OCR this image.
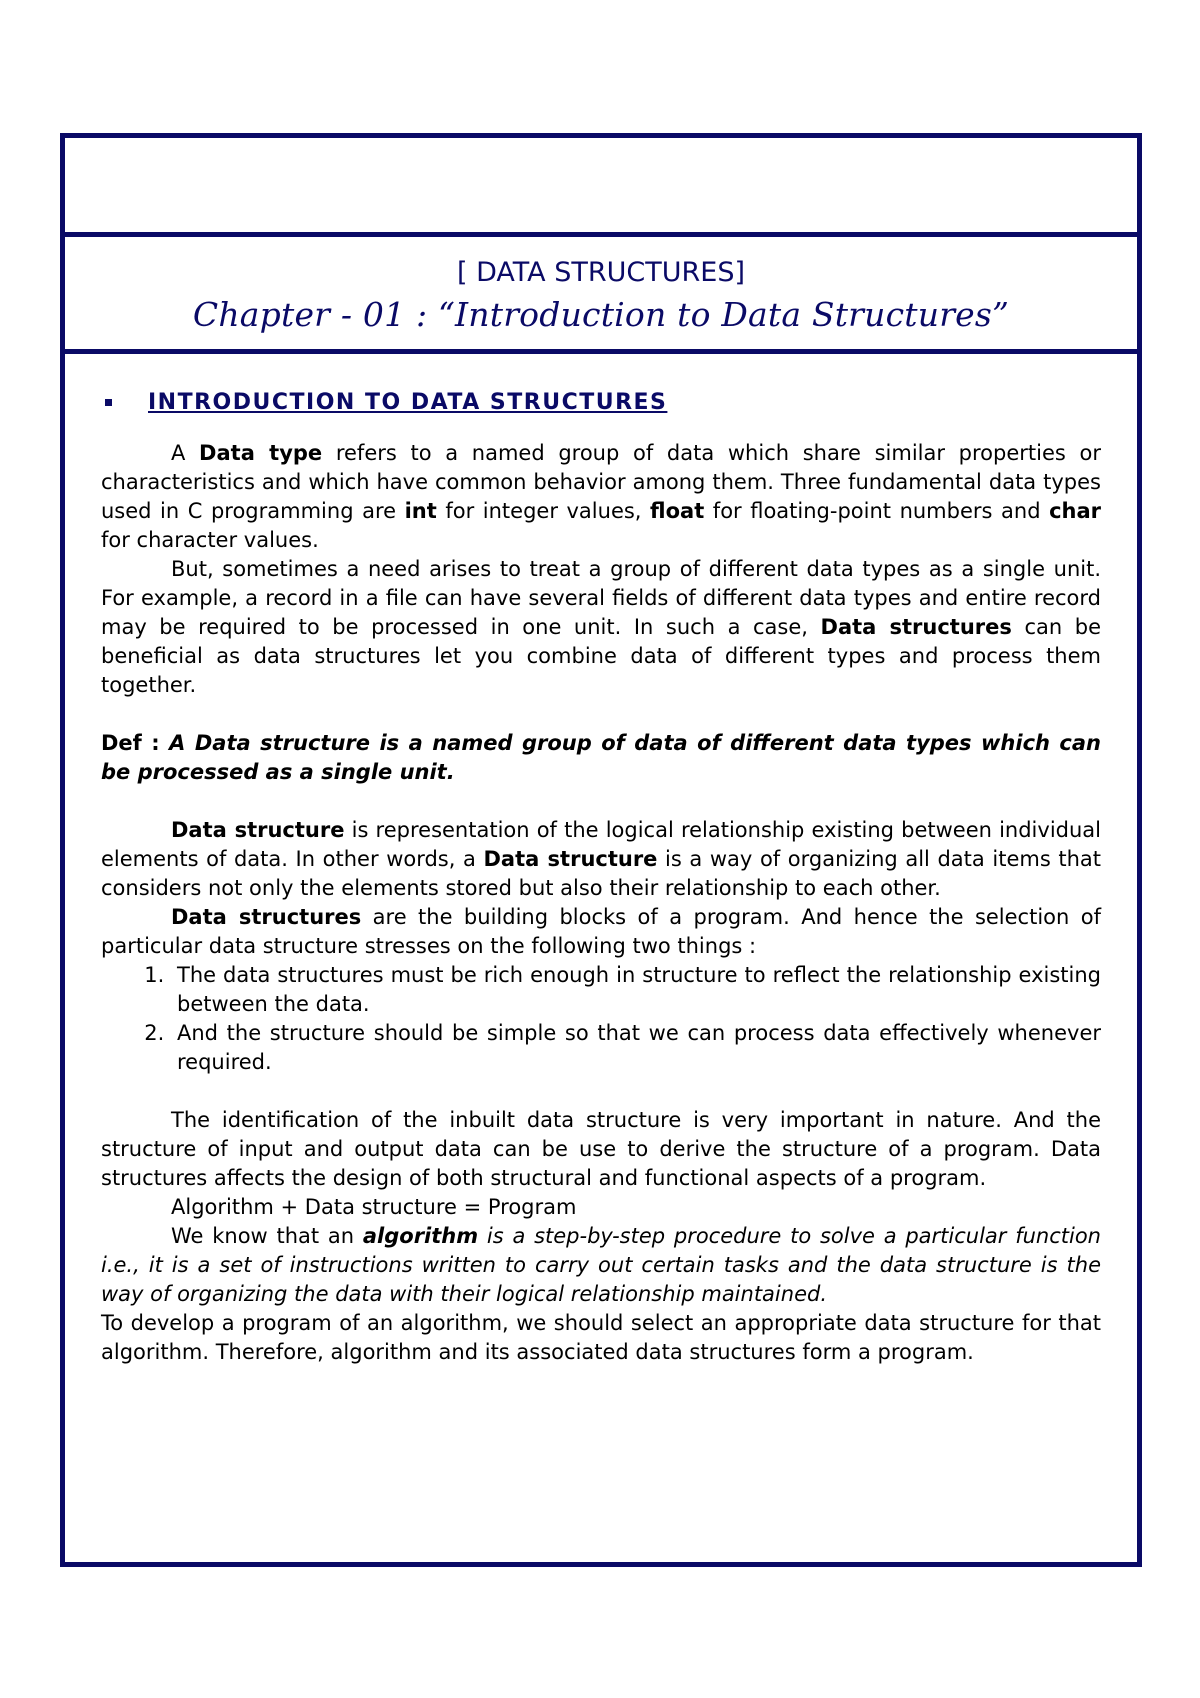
[ DATA STRUCTURES]
Chapter - 01 : “Introduction to Data Structures”
INTRODUCTION TO DATA STRUCTURES

A Data type refers to a named group of data which share similar properties or characteristics and which have common behavior among them. Three fundamental data types used in C programming are int for integer values, float for floating-point numbers and char for character values.

But, sometimes a need arises to treat a group of different data types as a single unit. For example, a record in a file can have several fields of different data types and entire record may be required to be processed in one unit. In such a case, Data structures can be beneficial as data structures let you combine data of different types and process them together.

Def : A Data structure is a named group of data of different data types which can be processed as a single unit.

Data structure is representation of the logical relationship existing between individual elements of data. In other words, a Data structure is a way of organizing all data items that considers not only the elements stored but also their relationship to each other.

Data structures are the building blocks of a program. And hence the selection of particular data structure stresses on the following two things :

1. The data structures must be rich enough in structure to reflect the relationship existing between the data.
2. And the structure should be simple so that we can process data effectively whenever required.

The identification of the inbuilt data structure is very important in nature. And the structure of input and output data can be use to derive the structure of a program. Data structures affects the design of both structural and functional aspects of a program.

Algorithm + Data structure = Program

We know that an algorithm is a step-by-step procedure to solve a particular function i.e., it is a set of instructions written to carry out certain tasks and the data structure is the way of organizing the data with their logical relationship maintained.

To develop a program of an algorithm, we should select an appropriate data structure for that algorithm. Therefore, algorithm and its associated data structures form a program.
